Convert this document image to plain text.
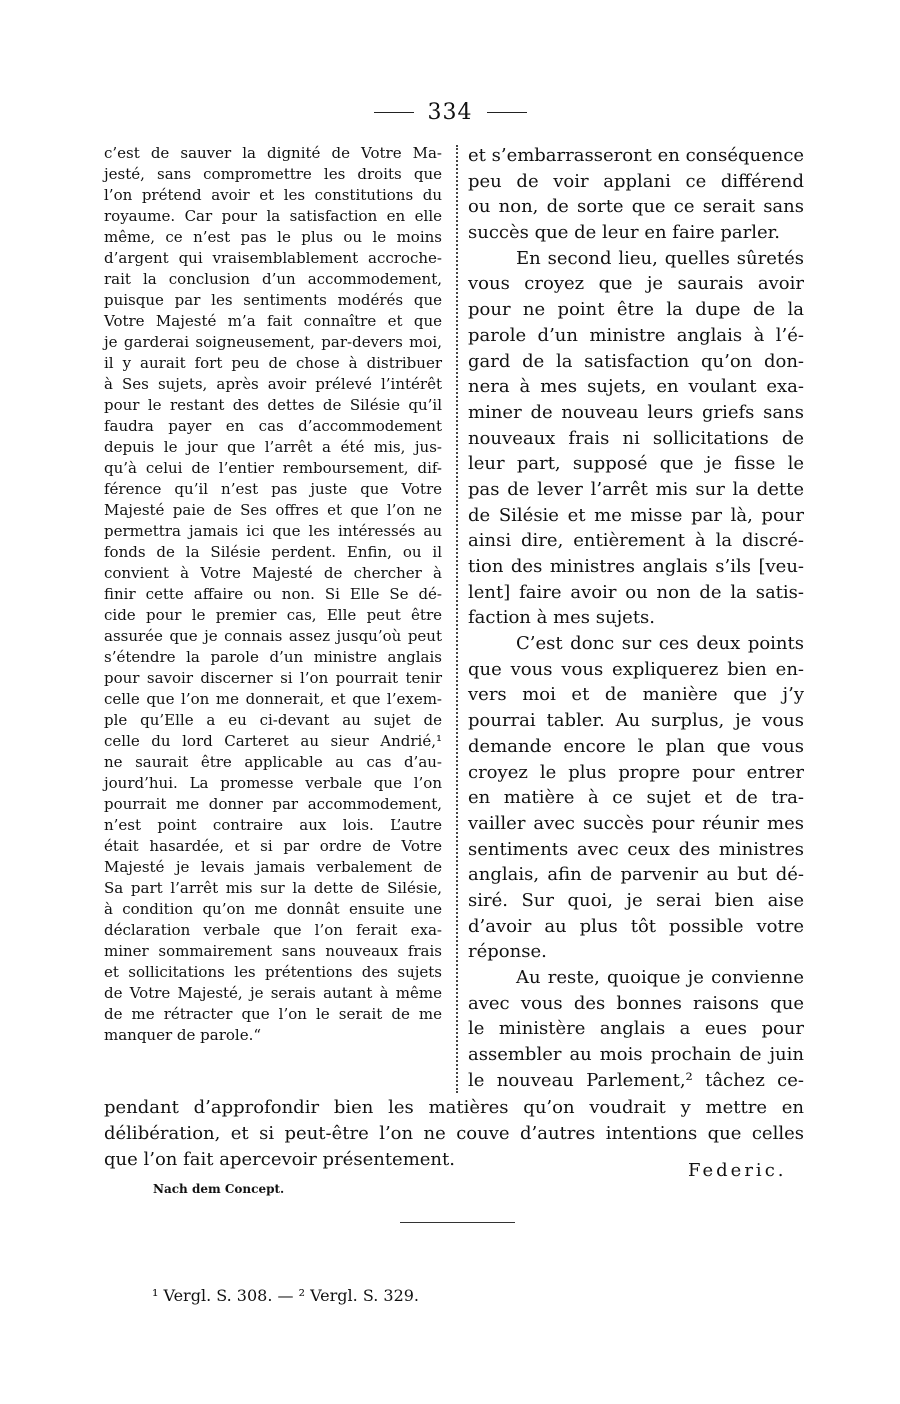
334
c’est de sauver la dignité de Votre Ma-
jesté, sans compromettre les droits que
l’on prétend avoir et les constitutions du
royaume. Car pour la satisfaction en elle
même, ce n’est pas le plus ou le moins
d’argent qui vraisemblablement accroche-
rait la conclusion d’un accommodement,
puisque par les sentiments modérés que
Votre Majesté m’a fait connaître et que
je garderai soigneusement, par-devers moi,
il y aurait fort peu de chose à distribuer
à Ses sujets, après avoir prélevé l’intérêt
pour le restant des dettes de Silésie qu’il
faudra payer en cas d’accommodement
depuis le jour que l’arrêt a été mis, jus-
qu’à celui de l’entier remboursement, dif-
férence qu’il n’est pas juste que Votre
Majesté paie de Ses offres et que l’on ne
permettra jamais ici que les intéressés au
fonds de la Silésie perdent. Enfin, ou il
convient à Votre Majesté de chercher à
finir cette affaire ou non. Si Elle Se dé-
cide pour le premier cas, Elle peut être
assurée que je connais assez jusqu’où peut
s’étendre la parole d’un ministre anglais
pour savoir discerner si l’on pourrait tenir
celle que l’on me donnerait, et que l’exem-
ple qu’Elle a eu ci-devant au sujet de
celle du lord Carteret au sieur Andrié,¹
ne saurait être applicable au cas d’au-
jourd’hui. La promesse verbale que l’on
pourrait me donner par accommodement,
n’est point contraire aux lois. L’autre
était hasardée, et si par ordre de Votre
Majesté je levais jamais verbalement de
Sa part l’arrêt mis sur la dette de Silésie,
à condition qu’on me donnât ensuite une
déclaration verbale que l’on ferait exa-
miner sommairement sans nouveaux frais
et sollicitations les prétentions des sujets
de Votre Majesté, je serais autant à même
de me rétracter que l’on le serait de me
manquer de parole.“
et s’embarrasseront en conséquence
peu de voir applani ce différend
ou non, de sorte que ce serait sans
succès que de leur en faire parler.
En second lieu, quelles sûretés
vous croyez que je saurais avoir
pour ne point être la dupe de la
parole d’un ministre anglais à l’é-
gard de la satisfaction qu’on don-
nera à mes sujets, en voulant exa-
miner de nouveau leurs griefs sans
nouveaux frais ni sollicitations de
leur part, supposé que je fisse le
pas de lever l’arrêt mis sur la dette
de Silésie et me misse par là, pour
ainsi dire, entièrement à la discré-
tion des ministres anglais s’ils [veu-
lent] faire avoir ou non de la satis-
faction à mes sujets.
C’est donc sur ces deux points
que vous vous expliquerez bien en-
vers moi et de manière que j’y
pourrai tabler. Au surplus, je vous
demande encore le plan que vous
croyez le plus propre pour entrer
en matière à ce sujet et de tra-
vailler avec succès pour réunir mes
sentiments avec ceux des ministres
anglais, afin de parvenir au but dé-
siré. Sur quoi, je serai bien aise
d’avoir au plus tôt possible votre
réponse.
Au reste, quoique je convienne
avec vous des bonnes raisons que
le ministère anglais a eues pour
assembler au mois prochain de juin
le nouveau Parlement,² tâchez ce-
pendant d’approfondir bien les matières qu’on voudrait y mettre en
délibération, et si peut-être l’on ne couve d’autres intentions que celles
que l’on fait apercevoir présentement.
Federic.
Nach dem Concept.
¹ Vergl. S. 308. — ² Vergl. S. 329.
